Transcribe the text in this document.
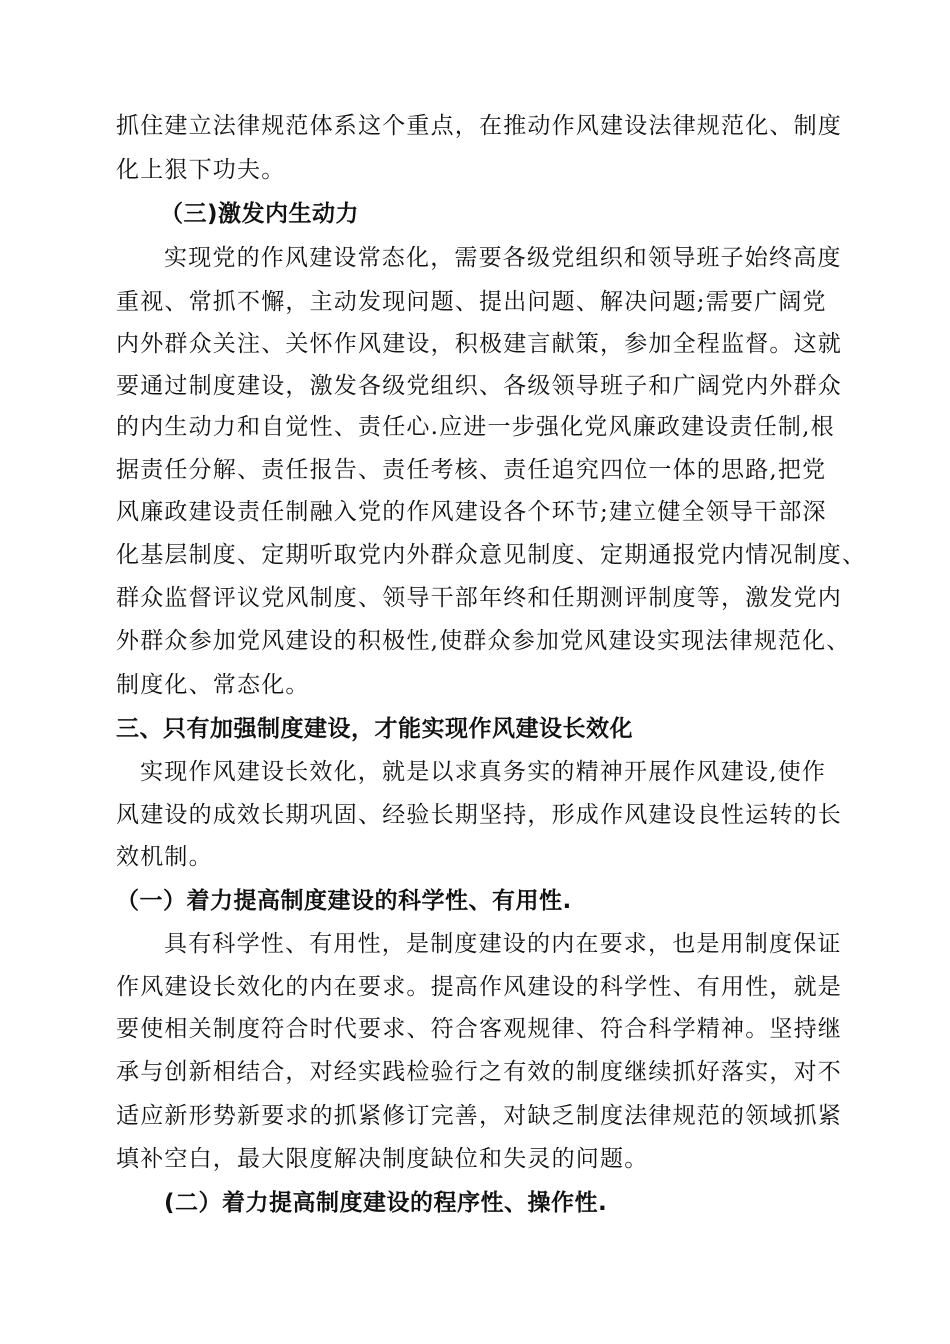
抓住建立法律规范体系这个重点，在推动作风建设法律规范化、制度
化上狠下功夫。
（三)激发内生动力
实现党的作风建设常态化，需要各级党组织和领导班子始终高度
重视、常抓不懈，主动发现问题、提出问题、解决问题;需要广阔党
内外群众关注、关怀作风建设，积极建言献策，参加全程监督。这就
要通过制度建设，激发各级党组织、各级领导班子和广阔党内外群众
的内生动力和自觉性、责任心.应进一步强化党风廉政建设责任制,根
据责任分解、责任报告、责任考核、责任追究四位一体的思路,把党
风廉政建设责任制融入党的作风建设各个环节;建立健全领导干部深
化基层制度、定期听取党内外群众意见制度、定期通报党内情况制度、
群众监督评议党风制度、领导干部年终和任期测评制度等，激发党内
外群众参加党风建设的积极性,使群众参加党风建设实现法律规范化、
制度化、常态化。
三、只有加强制度建设，才能实现作风建设长效化
实现作风建设长效化，就是以求真务实的精神开展作风建设,使作
风建设的成效长期巩固、经验长期坚持，形成作风建设良性运转的长
效机制。
（一）着力提高制度建设的科学性、有用性.
具有科学性、有用性，是制度建设的内在要求，也是用制度保证
作风建设长效化的内在要求。提高作风建设的科学性、有用性，就是
要使相关制度符合时代要求、符合客观规律、符合科学精神。坚持继
承与创新相结合，对经实践检验行之有效的制度继续抓好落实，对不
适应新形势新要求的抓紧修订完善，对缺乏制度法律规范的领域抓紧
填补空白，最大限度解决制度缺位和失灵的问题。
(二）着力提高制度建设的程序性、操作性.
